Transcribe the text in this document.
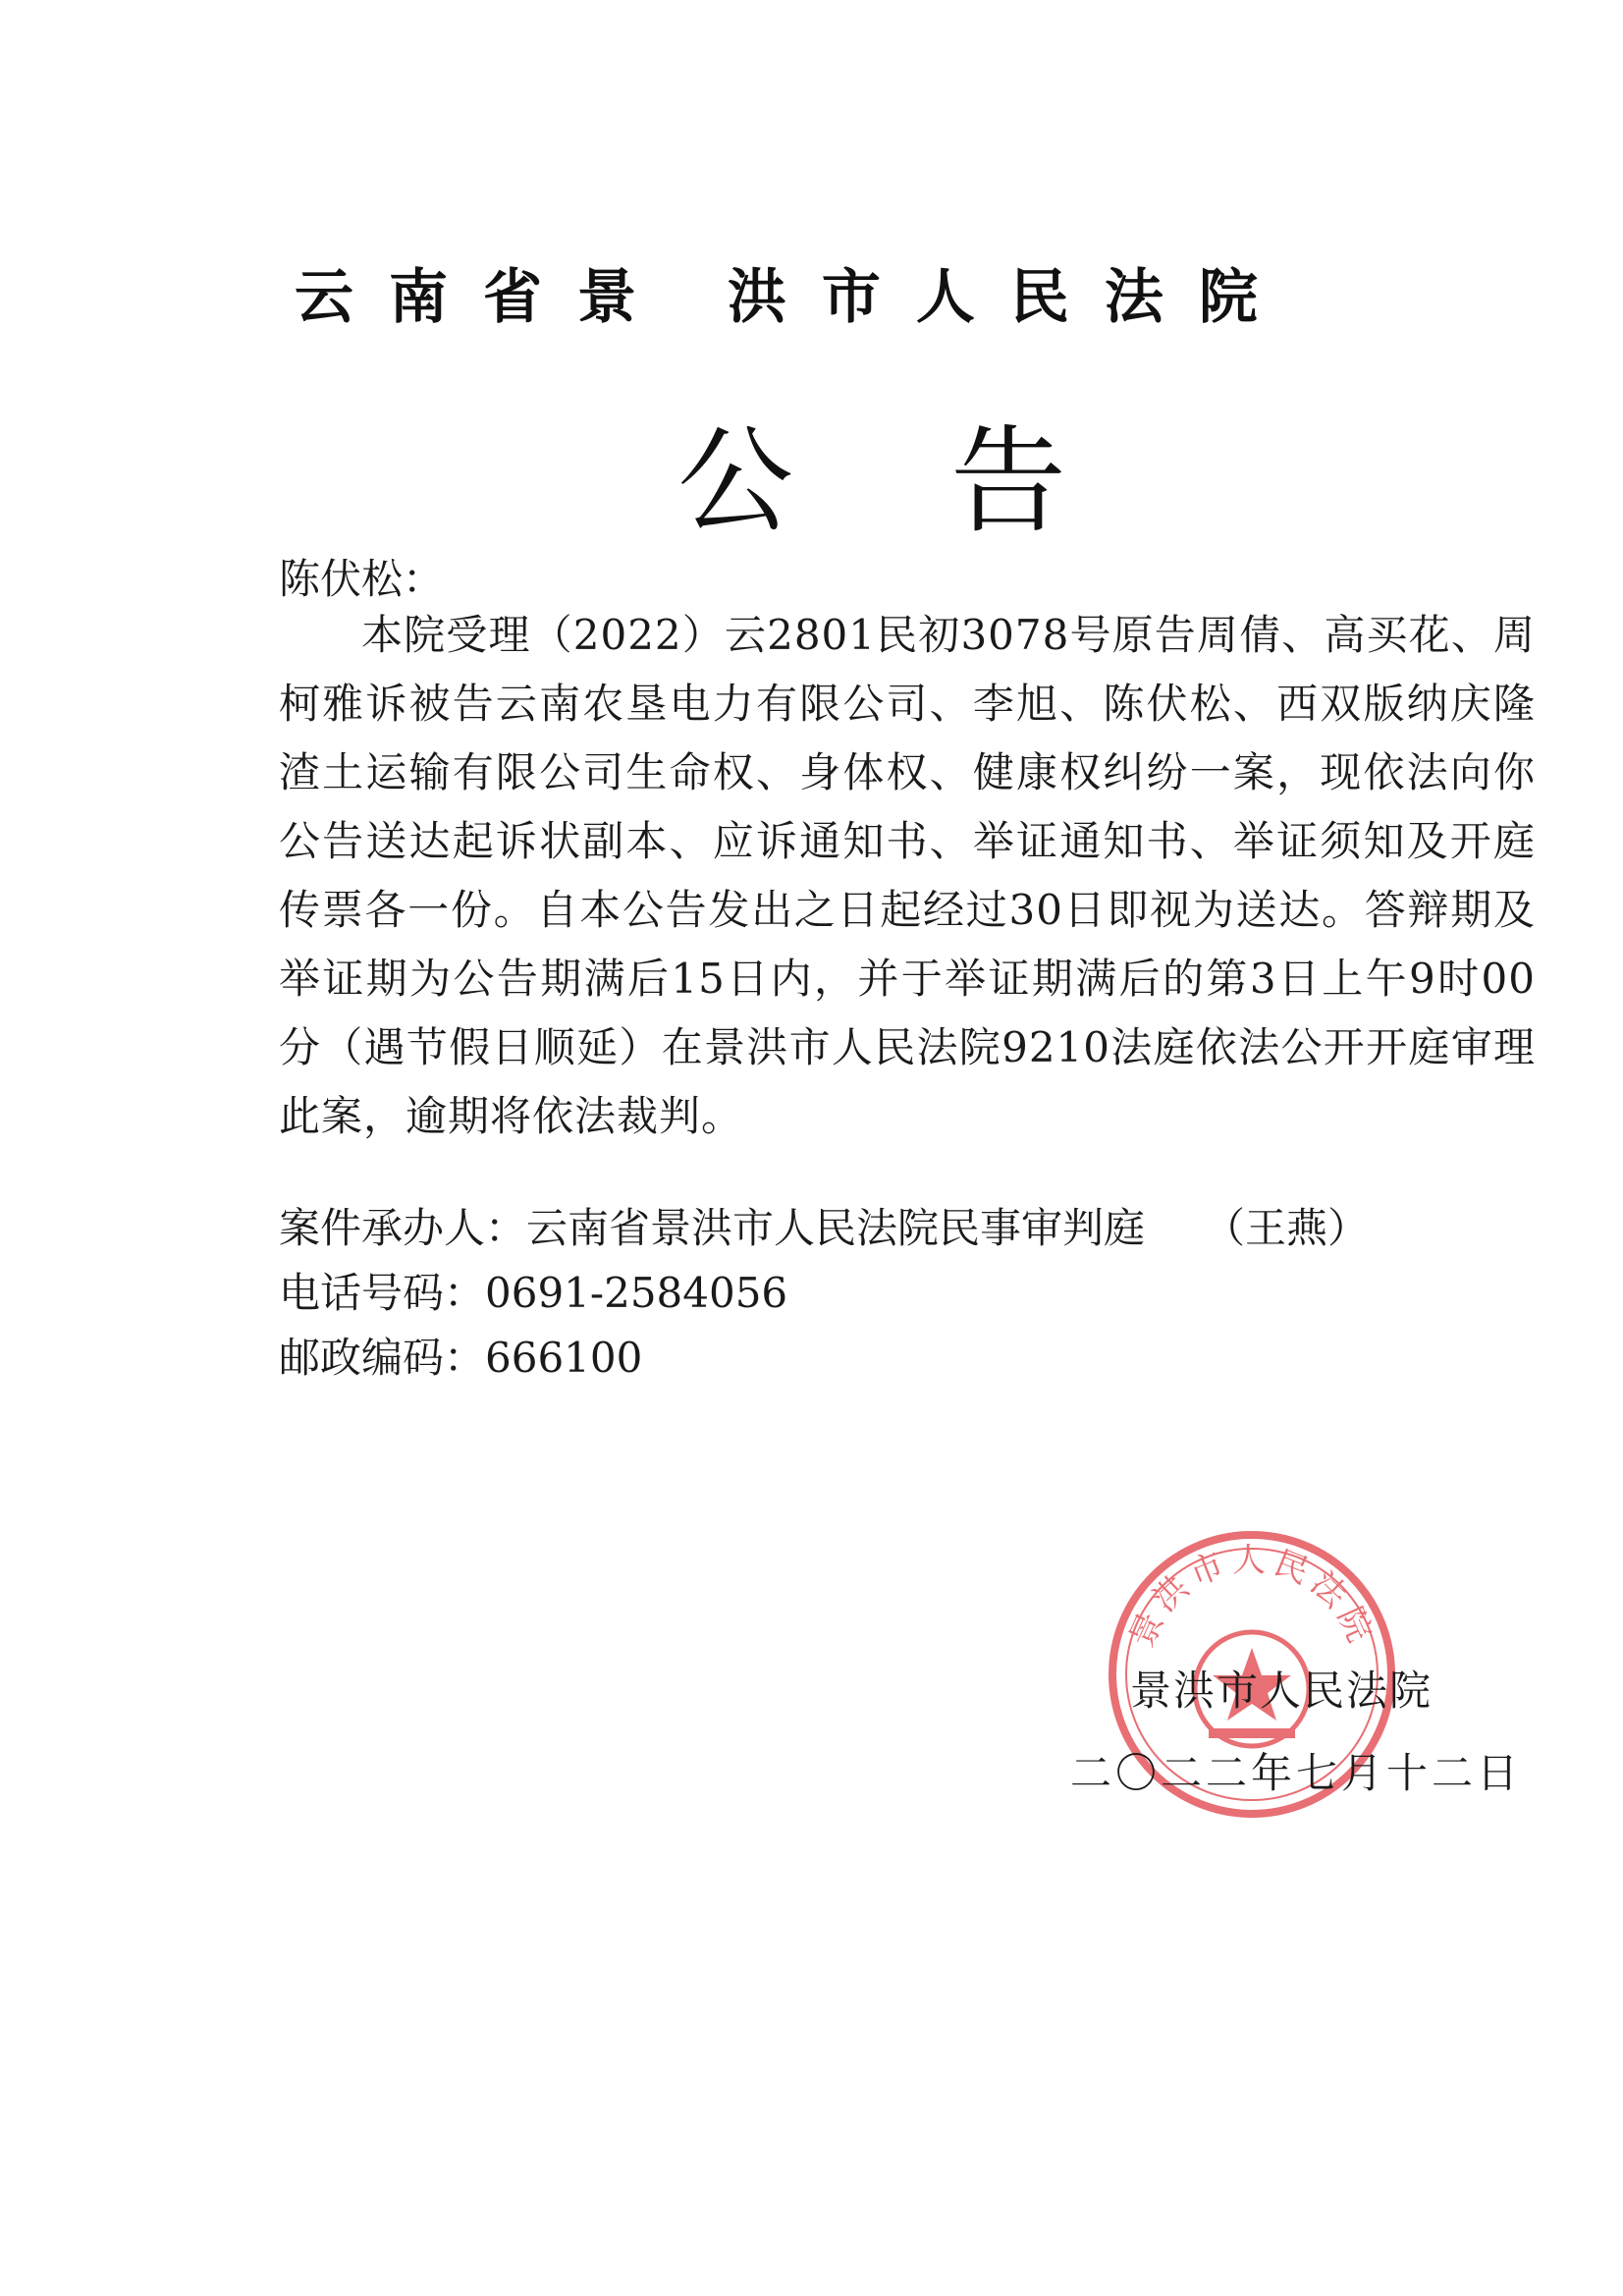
云南省景 洪市人民法院
公告
陈伏松：
本院受理（2022）云2801民初3078号原告周倩、高买花、周柯雅诉被告云南农垦电力有限公司、李旭、陈伏松、西双版纳庆隆渣土运输有限公司生命权、身体权、健康权纠纷一案，现依法向你公告送达起诉状副本、应诉通知书、举证通知书、举证须知及开庭传票各一份。自本公告发出之日起经过30日即视为送达。答辩期及举证期为公告期满后15日内，并于举证期满后的第3日上午9时00分（遇节假日顺延）在景洪市人民法院9210法庭依法公开开庭审理此案，逾期将依法裁判。
案件承办人：云南省景洪市人民法院民事审判庭 （王燕）
电话号码：0691-2584056
邮政编码：666100
景洪市人民法院
景洪市人民法院
二〇二二年七月十二日
